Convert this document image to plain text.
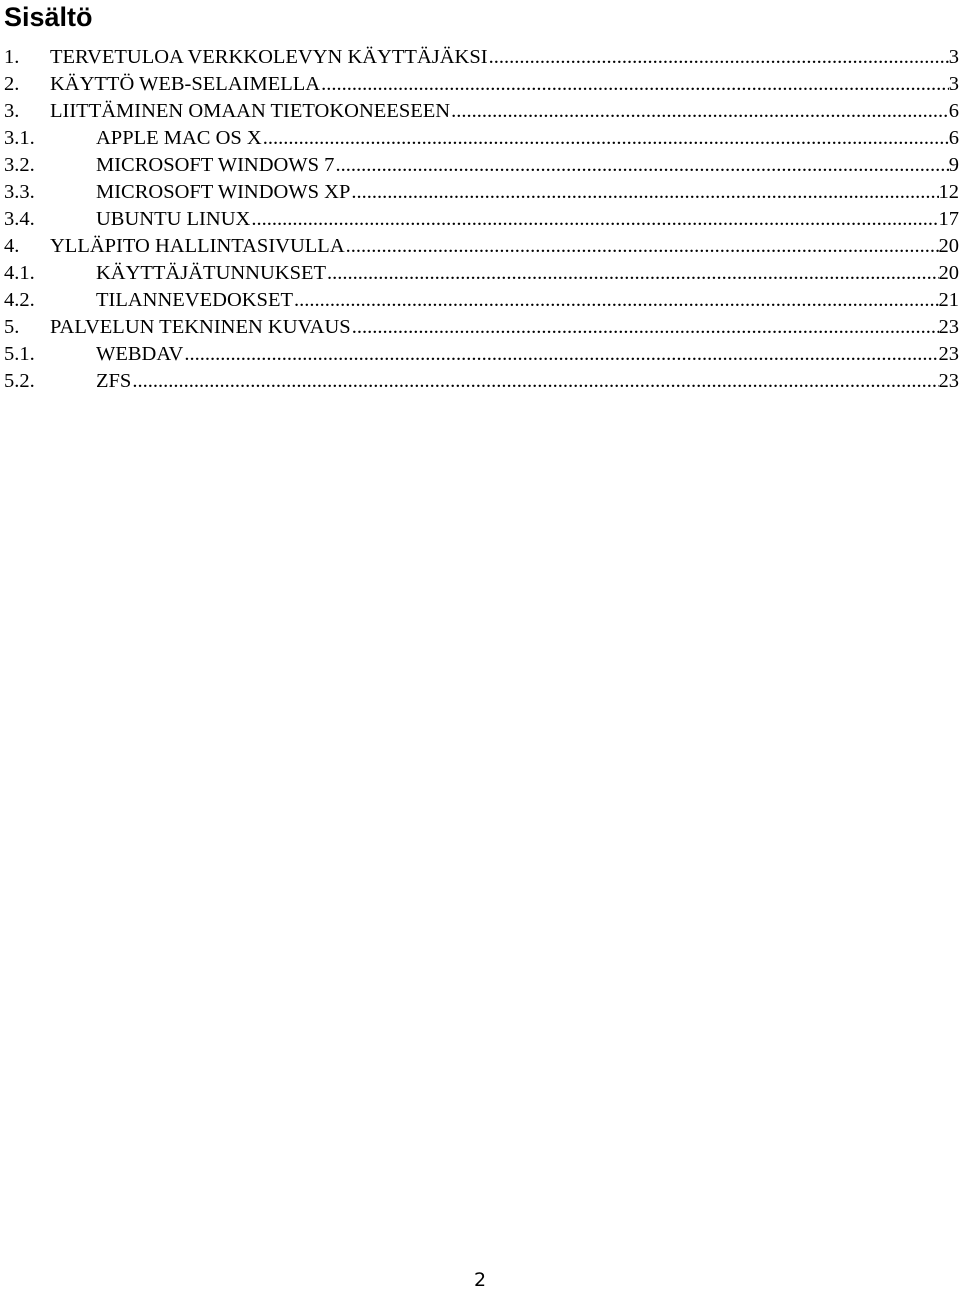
Sisältö
1.	TERVETULOA VERKKOLEVYN KÄYTTÄJÄKSI .....	3
2.	KÄYTTÖ WEB-SELAIMELLA .....	3
3.	LIITTÄMINEN OMAAN TIETOKONEESEEN .....	6
3.1.	APPLE MAC OS X .....	6
3.2.	MICROSOFT WINDOWS 7 .....	9
3.3.	MICROSOFT WINDOWS XP .....	12
3.4.	UBUNTU LINUX .....	17
4.	YLLÄPITO HALLINTASIVULLA .....	20
4.1.	KÄYTTÄJÄTUNNUKSET .....	20
4.2.	TILANNEVEDOKSET .....	21
5.	PALVELUN TEKNINEN KUVAUS .....	23
5.1.	WEBDAV .....	23
5.2.	ZFS .....	23
2
